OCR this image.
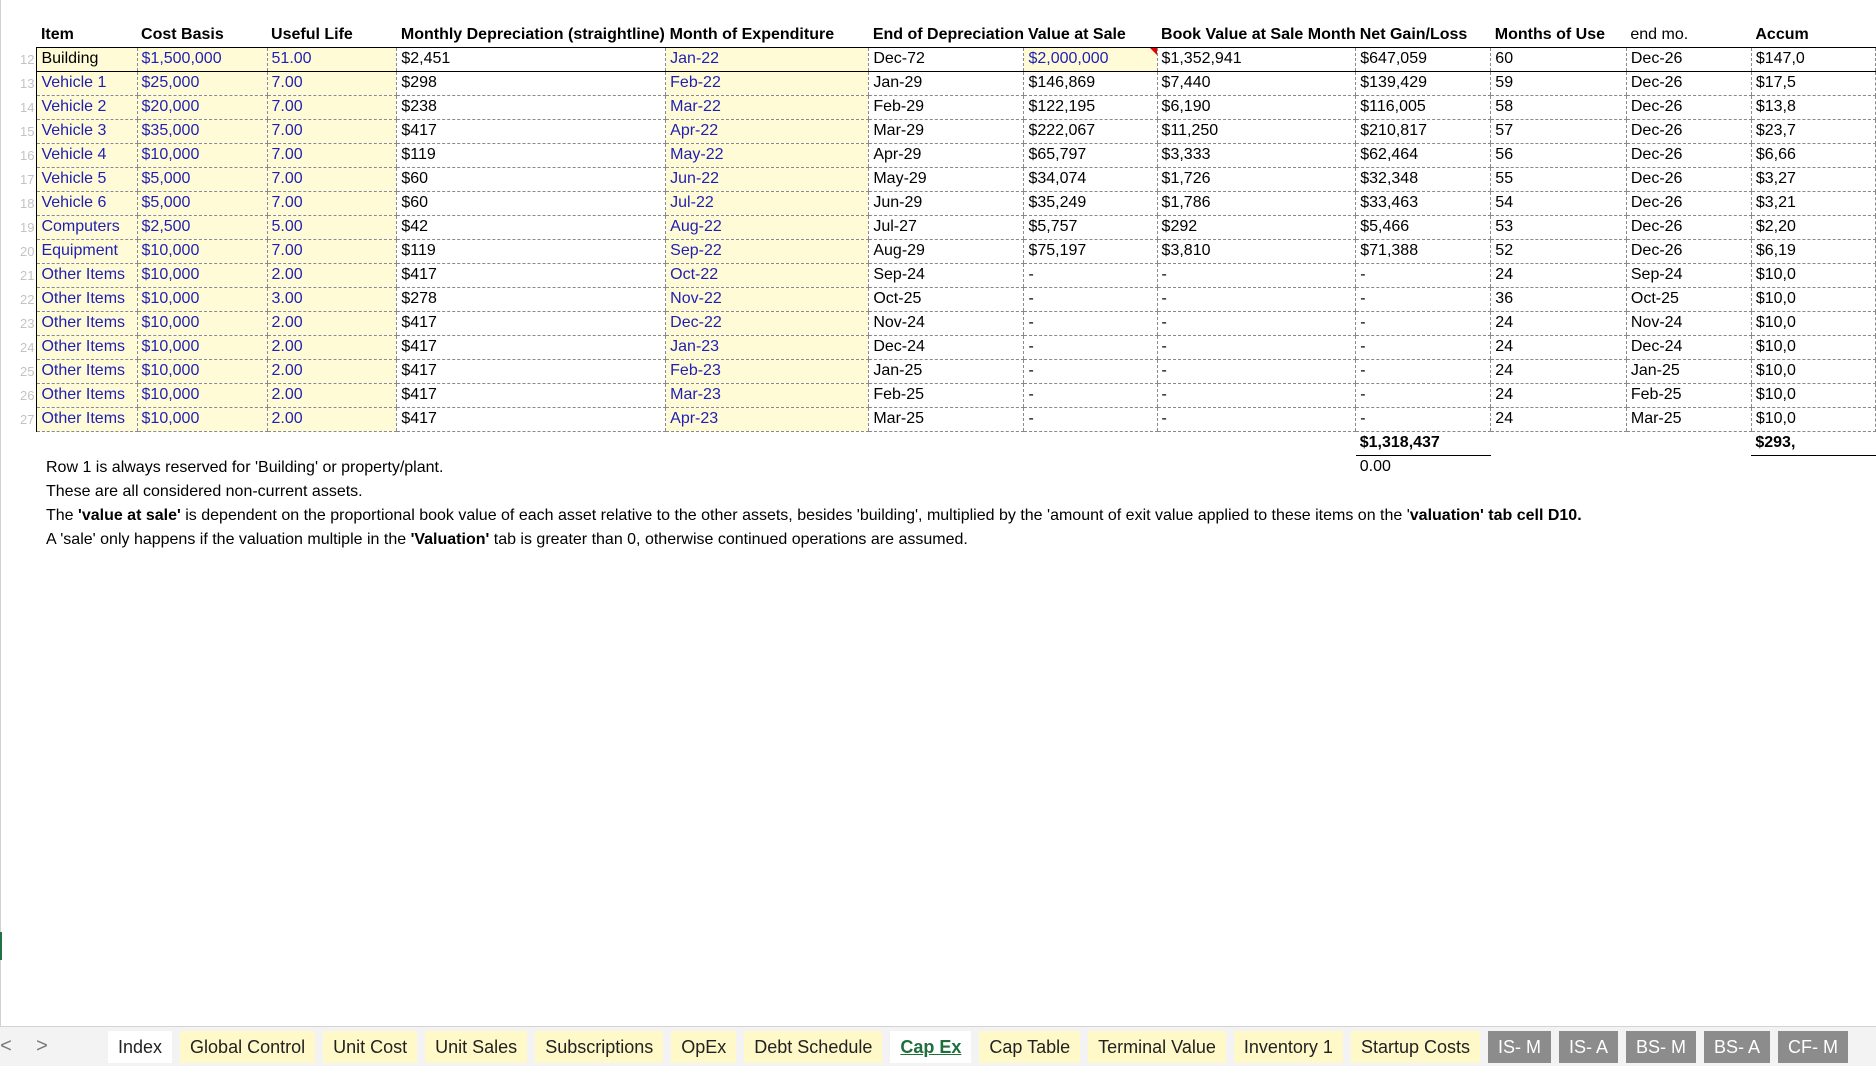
	Item	Cost Basis	Useful Life	Monthly Depreciation (straightline)	Month of Expenditure	End of Depreciation	Value at Sale	Book Value at Sale Month	Net Gain/Loss	Months of Use	end mo.	Accum
12	Building	$1,500,000	51.00	$2,451	Jan-22	Dec-72	$2,000,000	$1,352,941	$647,059	60	Dec-26	$147,0
13	Vehicle 1	$25,000	7.00	$298	Feb-22	Jan-29	$146,869	$7,440	$139,429	59	Dec-26	$17,5
14	Vehicle 2	$20,000	7.00	$238	Mar-22	Feb-29	$122,195	$6,190	$116,005	58	Dec-26	$13,8
15	Vehicle 3	$35,000	7.00	$417	Apr-22	Mar-29	$222,067	$11,250	$210,817	57	Dec-26	$23,7
16	Vehicle 4	$10,000	7.00	$119	May-22	Apr-29	$65,797	$3,333	$62,464	56	Dec-26	$6,66
17	Vehicle 5	$5,000	7.00	$60	Jun-22	May-29	$34,074	$1,726	$32,348	55	Dec-26	$3,27
18	Vehicle 6	$5,000	7.00	$60	Jul-22	Jun-29	$35,249	$1,786	$33,463	54	Dec-26	$3,21
19	Computers	$2,500	5.00	$42	Aug-22	Jul-27	$5,757	$292	$5,466	53	Dec-26	$2,20
20	Equipment	$10,000	7.00	$119	Sep-22	Aug-29	$75,197	$3,810	$71,388	52	Dec-26	$6,19
21	Other Items	$10,000	2.00	$417	Oct-22	Sep-24	-	-	-	24	Sep-24	$10,0
22	Other Items	$10,000	3.00	$278	Nov-22	Oct-25	-	-	-	36	Oct-25	$10,0
23	Other Items	$10,000	2.00	$417	Dec-22	Nov-24	-	-	-	24	Nov-24	$10,0
24	Other Items	$10,000	2.00	$417	Jan-23	Dec-24	-	-	-	24	Dec-24	$10,0
25	Other Items	$10,000	2.00	$417	Feb-23	Jan-25	-	-	-	24	Jan-25	$10,0
26	Other Items	$10,000	2.00	$417	Mar-23	Feb-25	-	-	-	24	Feb-25	$10,0
27	Other Items	$10,000	2.00	$417	Apr-23	Mar-25	-	-	-	24	Mar-25	$10,0
									$1,318,437			$293,
									0.00			
Row 1 is always reserved for 'Building' or property/plant.
These are all considered non-current assets.
The 'value at sale' is dependent on the proportional book value of each asset relative to the other assets, besides 'building', multiplied by the 'amount of exit value applied to these items on the 'valuation' tab cell D10.
A 'sale' only happens if the valuation multiple in the 'Valuation' tab is greater than 0, otherwise continued operations are assumed.
< >	Index	Global Control	Unit Cost	Unit Sales	Subscriptions	OpEx	Debt Schedule	Cap Ex	Cap Table	Terminal Value	Inventory 1	Startup Costs	IS- M	IS- A	BS- M	BS- A	CF- M
